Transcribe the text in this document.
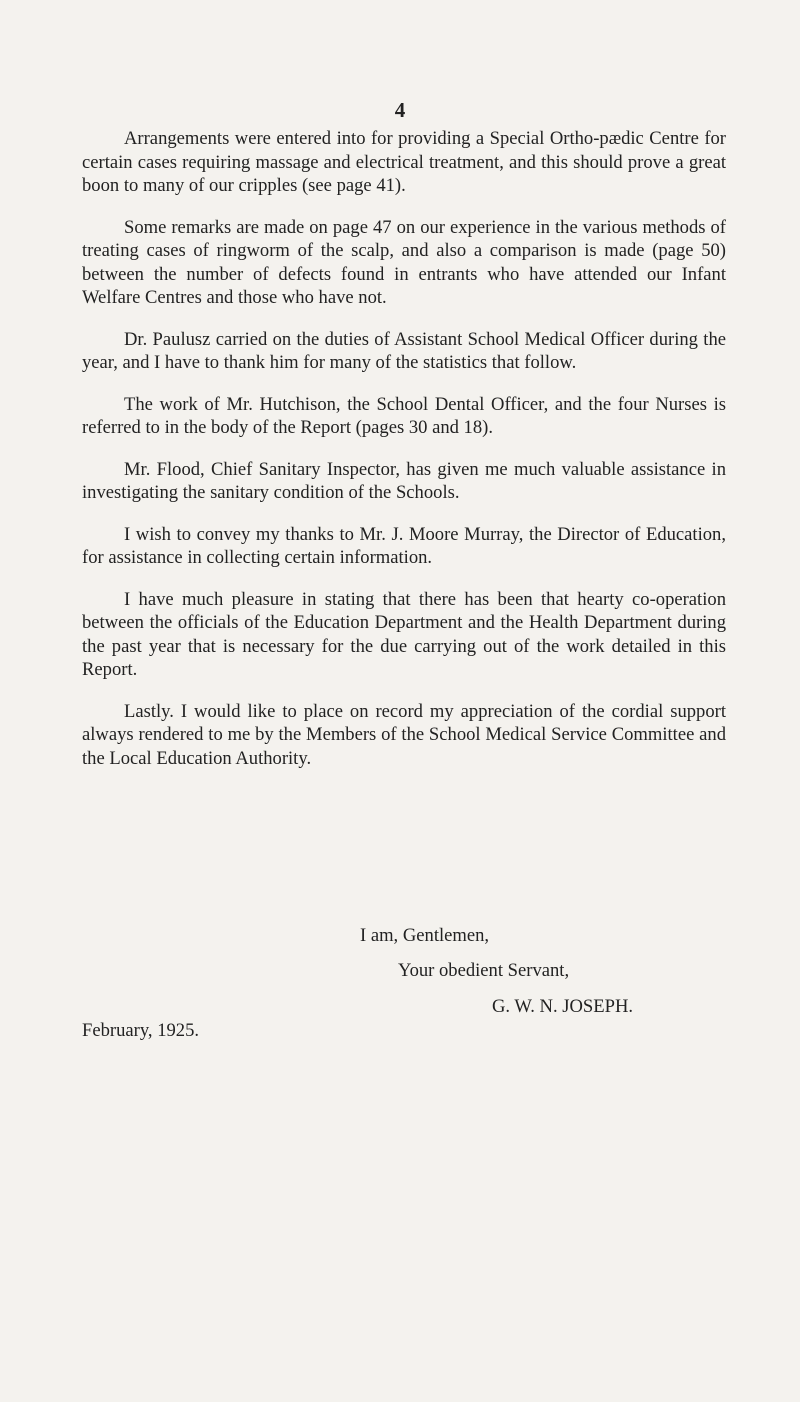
4

Arrangements were entered into for providing a Special Ortho-pædic Centre for certain cases requiring massage and electrical treatment, and this should prove a great boon to many of our cripples (see page 41).

Some remarks are made on page 47 on our experience in the various methods of treating cases of ringworm of the scalp, and also a comparison is made (page 50) between the number of defects found in entrants who have attended our Infant Welfare Centres and those who have not.

Dr. Paulusz carried on the duties of Assistant School Medical Officer during the year, and I have to thank him for many of the statistics that follow.

The work of Mr. Hutchison, the School Dental Officer, and the four Nurses is referred to in the body of the Report (pages 30 and 18).

Mr. Flood, Chief Sanitary Inspector, has given me much valuable assistance in investigating the sanitary condition of the Schools.

I wish to convey my thanks to Mr. J. Moore Murray, the Director of Education, for assistance in collecting certain information.

I have much pleasure in stating that there has been that hearty co-operation between the officials of the Education Department and the Health Department during the past year that is necessary for the due carrying out of the work detailed in this Report.

Lastly. I would like to place on record my appreciation of the cordial support always rendered to me by the Members of the School Medical Service Committee and the Local Education Authority.

I am, Gentlemen,
Your obedient Servant,
G. W. N. JOSEPH.
February, 1925.
